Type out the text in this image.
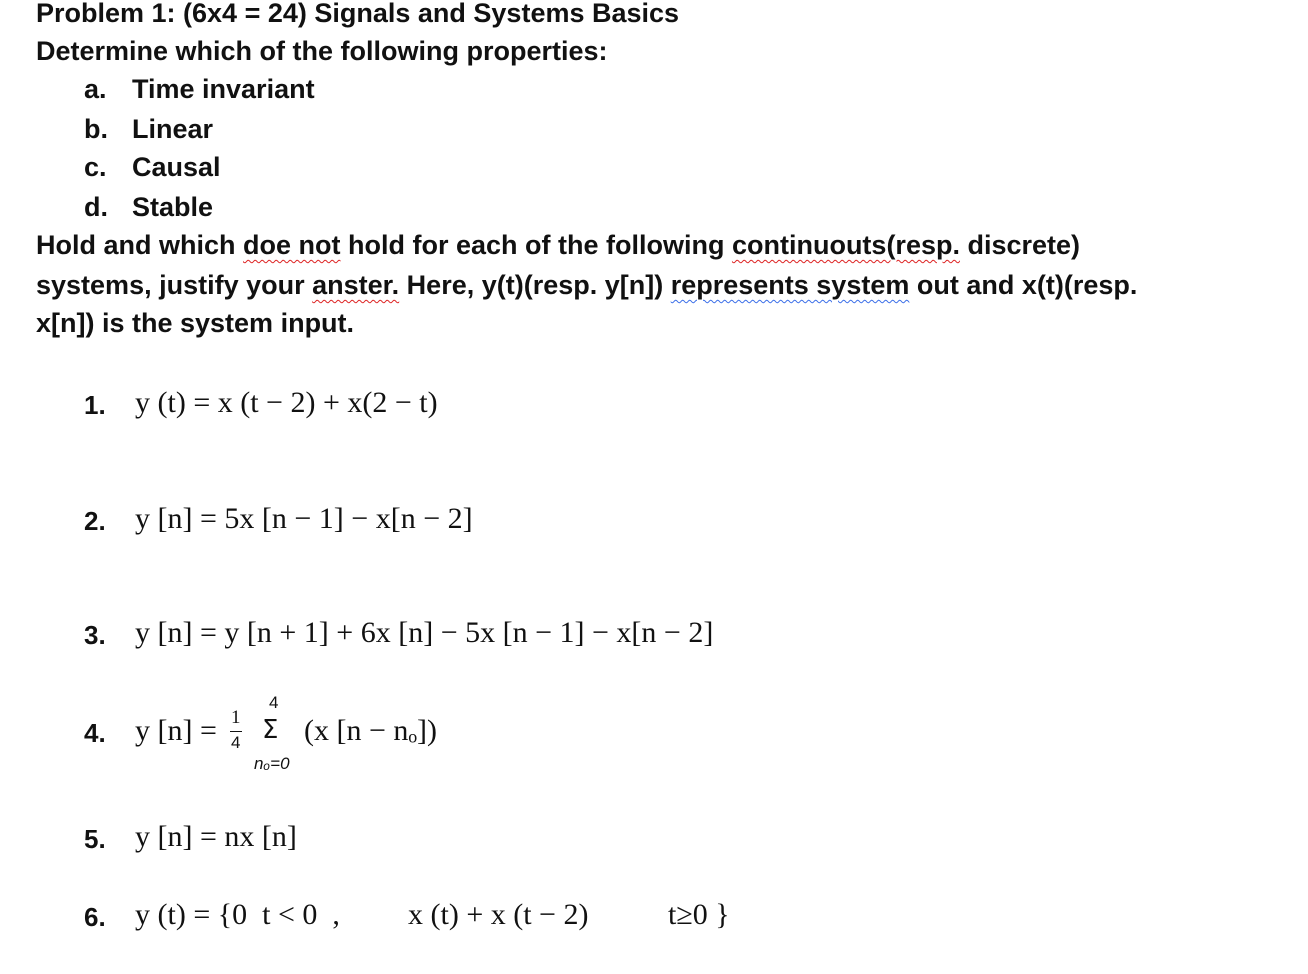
Problem 1: (6x4 = 24) Signals and Systems Basics
Determine which of the following properties:
a. Time invariant
b. Linear
c. Causal
d. Stable
Hold and which doe not hold for each of the following continuouts(resp. discrete)
systems, justify your anster. Here, y(t)(resp. y[n]) represents system out and x(t)(resp.
x[n]) is the system input.
1. y (t) = x (t − 2) + x(2 − t)
2. y [n] = 5x [n − 1] − x[n − 2]
3. y [n] = y [n + 1] + 6x [n] − 5x [n − 1] − x[n − 2]
4. y [n] = 1
4
4
Σ
nₒ=0
(x [n − nₒ])
5. y [n] = nx [n]
6. y (t) = {0  t < 0  , x (t) + x (t − 2)	t≥0 }
